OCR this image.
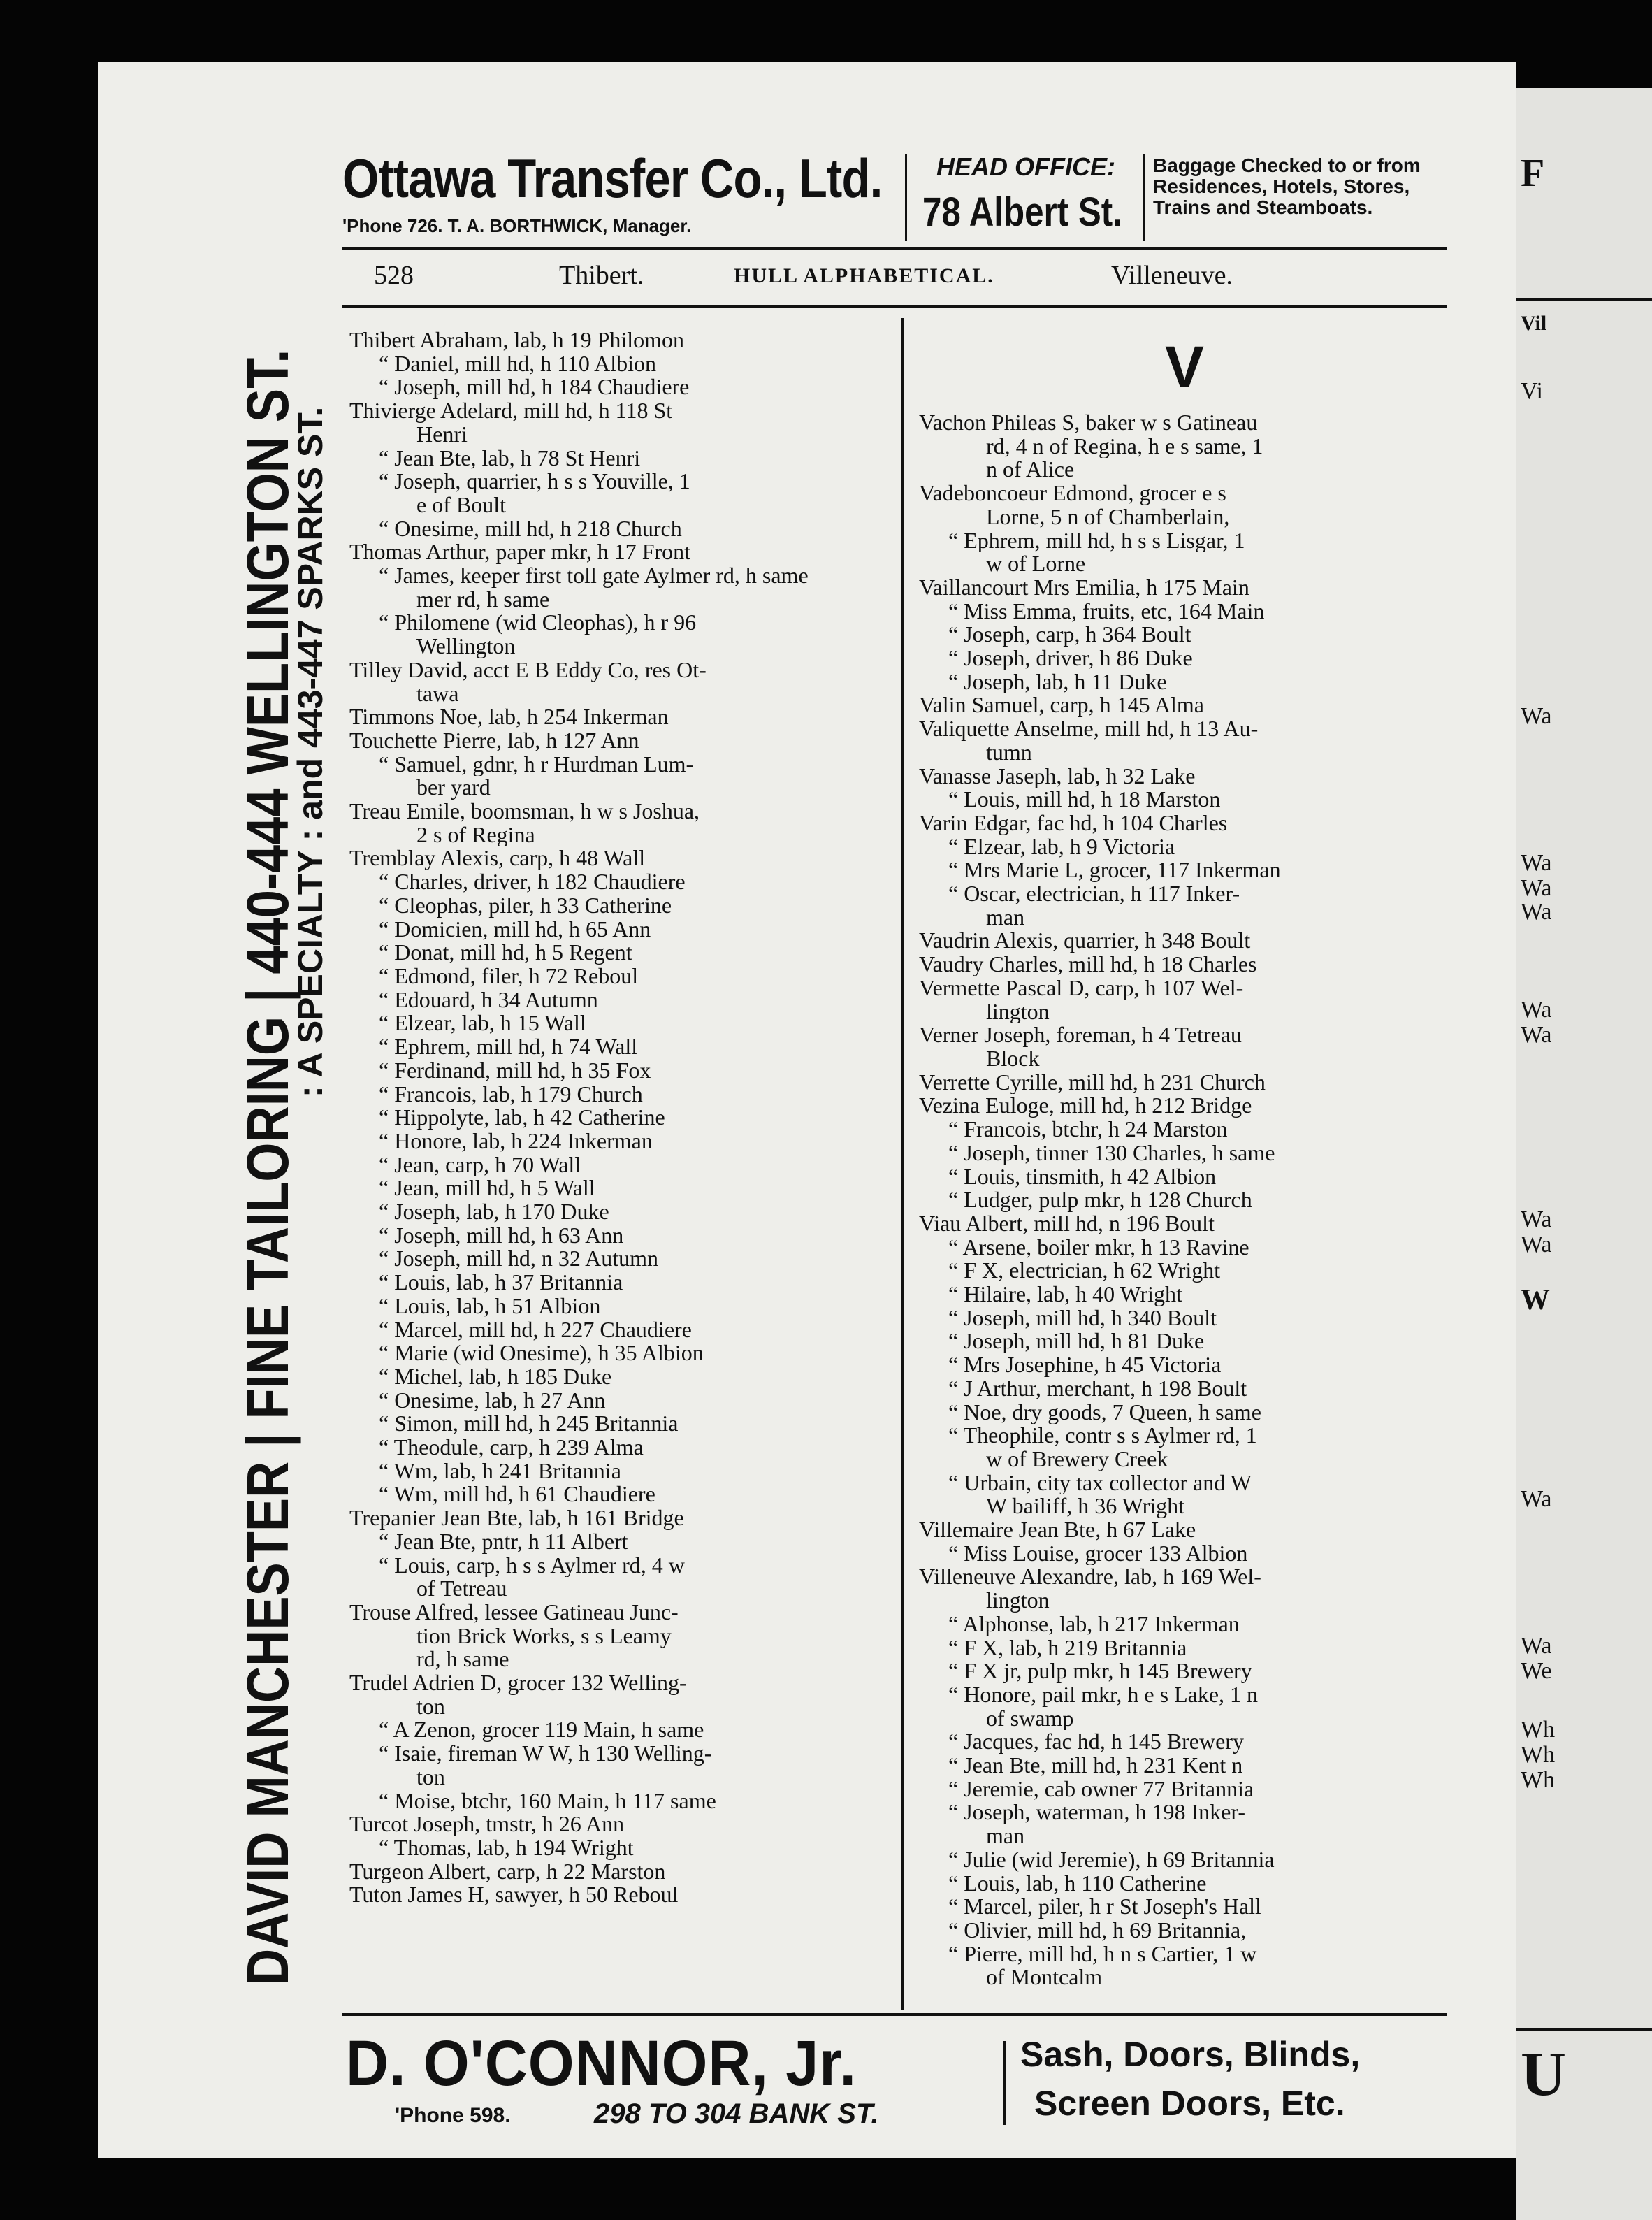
F
Vil
Vi
Wa
Wa
Wa
Wa
Wa
Wa
Wa
Wa
W
Wa
Wa
We
Wh
Wh
Wh
U
Ottawa Transfer Co., Ltd.
'Phone 726. T. A. BORTHWICK, Manager.
HEAD OFFICE:
78 Albert St.
Baggage Checked to or from Residences, Hotels, Stores, Trains and Steamboats.
528	Thibert.	HULL ALPHABETICAL.	Villeneuve.
DAVID MANCHESTER | FINE TAILORING | 440-444 WELLINGTON ST.
: A SPECIALTY : and 443-447 SPARKS ST.
Thibert Abraham, lab, h 19 Philomon
“ Daniel, mill hd, h 110 Albion
“ Joseph, mill hd, h 184 Chaudiere
Thivierge Adelard, mill hd, h 118 St
Henri
“ Jean Bte, lab, h 78 St Henri
“ Joseph, quarrier, h s s Youville, 1
e of Boult
“ Onesime, mill hd, h 218 Church
Thomas Arthur, paper mkr, h 17 Front
“ James, keeper first toll gate Aylmer rd, h same
mer rd, h same
“ Philomene (wid Cleophas), h r 96
Wellington
Tilley David, acct E B Eddy Co, res Ot-
tawa
Timmons Noe, lab, h 254 Inkerman
Touchette Pierre, lab, h 127 Ann
“ Samuel, gdnr, h r Hurdman Lum-
ber yard
Treau Emile, boomsman, h w s Joshua,
2 s of Regina
Tremblay Alexis, carp, h 48 Wall
“ Charles, driver, h 182 Chaudiere
“ Cleophas, piler, h 33 Catherine
“ Domicien, mill hd, h 65 Ann
“ Donat, mill hd, h 5 Regent
“ Edmond, filer, h 72 Reboul
“ Edouard, h 34 Autumn
“ Elzear, lab, h 15 Wall
“ Ephrem, mill hd, h 74 Wall
“ Ferdinand, mill hd, h 35 Fox
“ Francois, lab, h 179 Church
“ Hippolyte, lab, h 42 Catherine
“ Honore, lab, h 224 Inkerman
“ Jean, carp, h 70 Wall
“ Jean, mill hd, h 5 Wall
“ Joseph, lab, h 170 Duke
“ Joseph, mill hd, h 63 Ann
“ Joseph, mill hd, n 32 Autumn
“ Louis, lab, h 37 Britannia
“ Louis, lab, h 51 Albion
“ Marcel, mill hd, h 227 Chaudiere
“ Marie (wid Onesime), h 35 Albion
“ Michel, lab, h 185 Duke
“ Onesime, lab, h 27 Ann
“ Simon, mill hd, h 245 Britannia
“ Theodule, carp, h 239 Alma
“ Wm, lab, h 241 Britannia
“ Wm, mill hd, h 61 Chaudiere
Trepanier Jean Bte, lab, h 161 Bridge
“ Jean Bte, pntr, h 11 Albert
“ Louis, carp, h s s Aylmer rd, 4 w
of Tetreau
Trouse Alfred, lessee Gatineau Junc-
tion Brick Works, s s Leamy
rd, h same
Trudel Adrien D, grocer 132 Welling-
ton
“ A Zenon, grocer 119 Main, h same
“ Isaie, fireman W W, h 130 Welling-
ton
“ Moise, btchr, 160 Main, h 117 same
Turcot Joseph, tmstr, h 26 Ann
“ Thomas, lab, h 194 Wright
Turgeon Albert, carp, h 22 Marston
Tuton James H, sawyer, h 50 Reboul
V
Vachon Phileas S, baker w s Gatineau
rd, 4 n of Regina, h e s same, 1
n of Alice
Vadeboncoeur Edmond, grocer e s
Lorne, 5 n of Chamberlain,
“ Ephrem, mill hd, h s s Lisgar, 1
w of Lorne
Vaillancourt Mrs Emilia, h 175 Main
“ Miss Emma, fruits, etc, 164 Main
“ Joseph, carp, h 364 Boult
“ Joseph, driver, h 86 Duke
“ Joseph, lab, h 11 Duke
Valin Samuel, carp, h 145 Alma
Valiquette Anselme, mill hd, h 13 Au-
tumn
Vanasse Jaseph, lab, h 32 Lake
“ Louis, mill hd, h 18 Marston
Varin Edgar, fac hd, h 104 Charles
“ Elzear, lab, h 9 Victoria
“ Mrs Marie L, grocer, 117 Inkerman
“ Oscar, electrician, h 117 Inker-
man
Vaudrin Alexis, quarrier, h 348 Boult
Vaudry Charles, mill hd, h 18 Charles
Vermette Pascal D, carp, h 107 Wel-
lington
Verner Joseph, foreman, h 4 Tetreau
Block
Verrette Cyrille, mill hd, h 231 Church
Vezina Euloge, mill hd, h 212 Bridge
“ Francois, btchr, h 24 Marston
“ Joseph, tinner 130 Charles, h same
“ Louis, tinsmith, h 42 Albion
“ Ludger, pulp mkr, h 128 Church
Viau Albert, mill hd, n 196 Boult
“ Arsene, boiler mkr, h 13 Ravine
“ F X, electrician, h 62 Wright
“ Hilaire, lab, h 40 Wright
“ Joseph, mill hd, h 340 Boult
“ Joseph, mill hd, h 81 Duke
“ Mrs Josephine, h 45 Victoria
“ J Arthur, merchant, h 198 Boult
“ Noe, dry goods, 7 Queen, h same
“ Theophile, contr s s Aylmer rd, 1
w of Brewery Creek
“ Urbain, city tax collector and W
W bailiff, h 36 Wright
Villemaire Jean Bte, h 67 Lake
“ Miss Louise, grocer 133 Albion
Villeneuve Alexandre, lab, h 169 Wel-
lington
“ Alphonse, lab, h 217 Inkerman
“ F X, lab, h 219 Britannia
“ F X jr, pulp mkr, h 145 Brewery
“ Honore, pail mkr, h e s Lake, 1 n
of swamp
“ Jacques, fac hd, h 145 Brewery
“ Jean Bte, mill hd, h 231 Kent n
“ Jeremie, cab owner 77 Britannia
“ Joseph, waterman, h 198 Inker-
man
“ Julie (wid Jeremie), h 69 Britannia
“ Louis, lab, h 110 Catherine
“ Marcel, piler, h r St Joseph's Hall
“ Olivier, mill hd, h 69 Britannia,
“ Pierre, mill hd, h n s Cartier, 1 w
of Montcalm
D. O'CONNOR, Jr.
'Phone 598.	298 TO 304 BANK ST.
Sash, Doors, Blinds,
Screen Doors, Etc.
